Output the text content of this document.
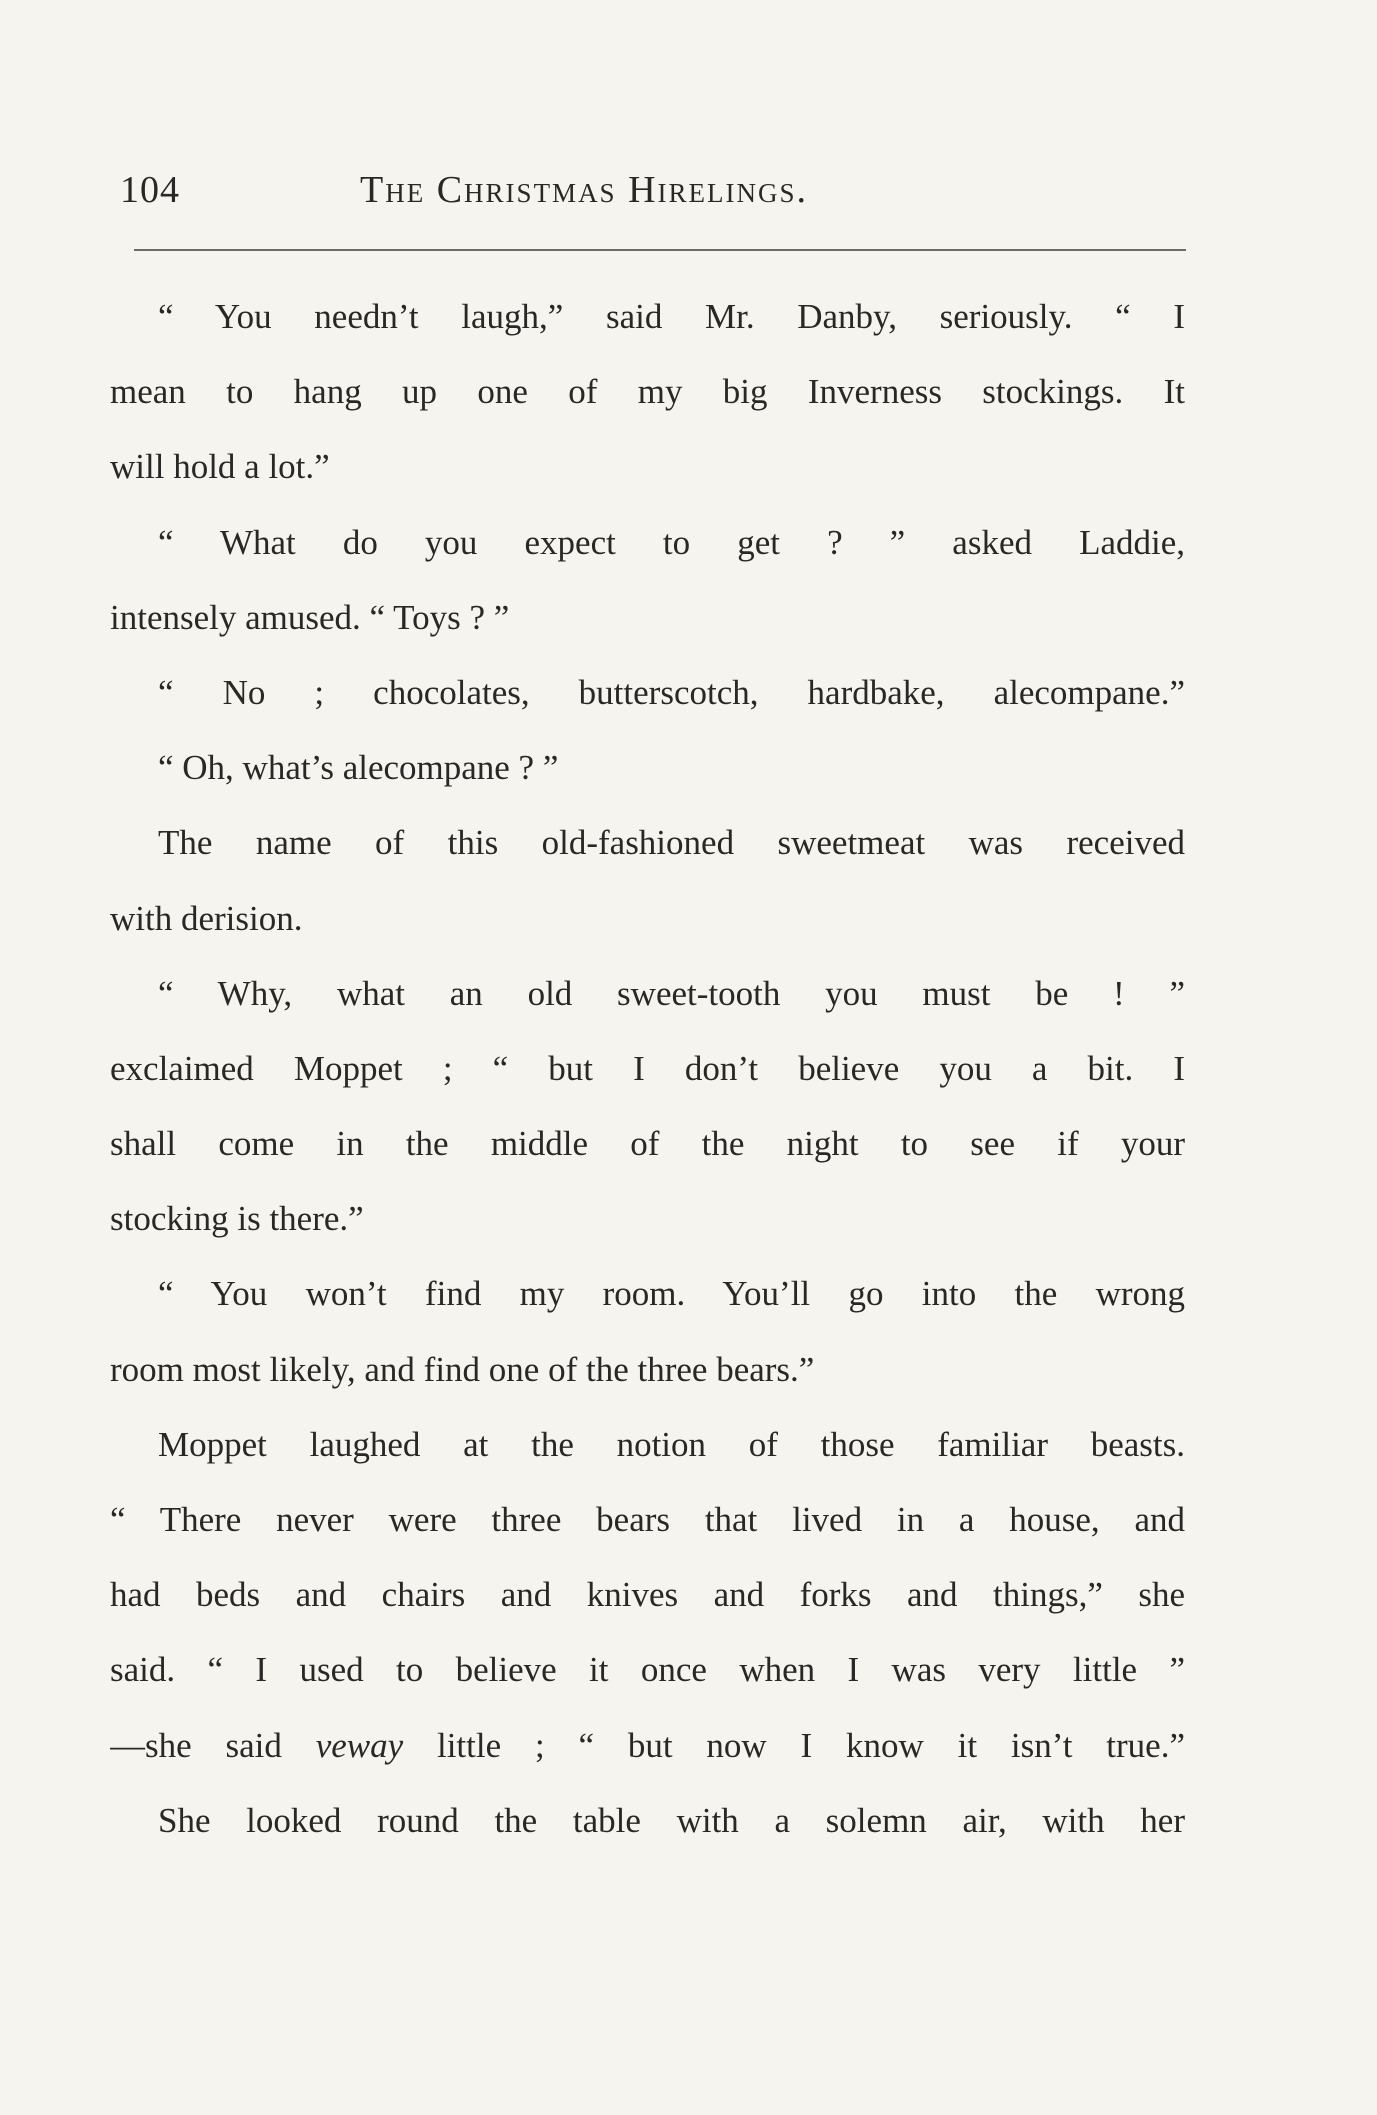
104	The Christmas Hirelings.
“ You needn’t laugh,” said Mr. Danby, seriously. “ I
mean to hang up one of my big Inverness stockings. It
will hold a lot.”
“ What do you expect to get ? ” asked Laddie,
intensely amused. “ Toys ? ”
“ No ; chocolates, butterscotch, hardbake, alecompane.”
“ Oh, what’s alecompane ? ”
The name of this old-fashioned sweetmeat was received
with derision.
“ Why, what an old sweet-tooth you must be ! ”
exclaimed Moppet ; “ but I don’t believe you a bit. I
shall come in the middle of the night to see if your
stocking is there.”
“ You won’t find my room. You’ll go into the wrong
room most likely, and find one of the three bears.”
Moppet laughed at the notion of those familiar beasts.
“ There never were three bears that lived in a house, and
had beds and chairs and knives and forks and things,” she
said. “ I used to believe it once when I was very little ”
—she said veway little ; “ but now I know it isn’t true.”
She looked round the table with a solemn air, with her
